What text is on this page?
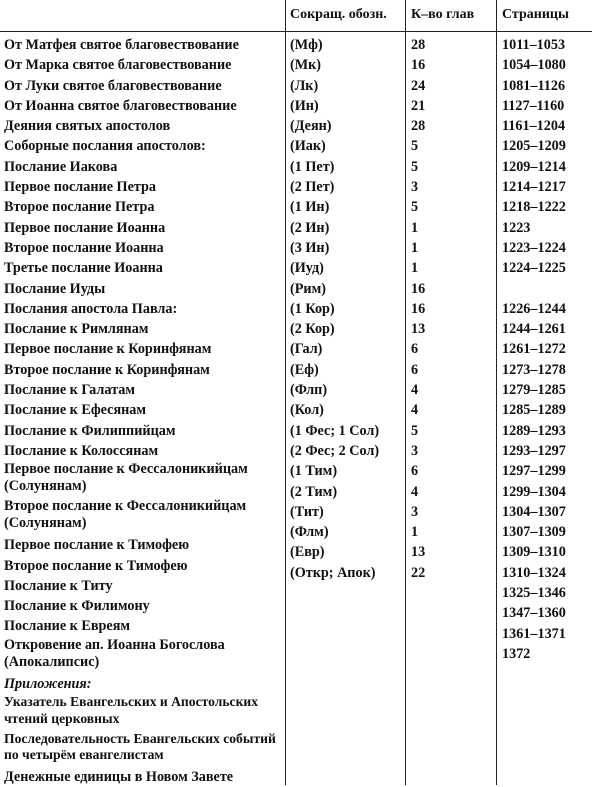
Сокращ. обозн. К–во глав Страницы
От Матфея святое благовествование
От Марка святое благовествование
От Луки святое благовествование
От Иоанна святое благовествование
Деяния святых апостолов
Соборные послания апостолов:
Послание Иакова
Первое послание Петра
Второе послание Петра
Первое послание Иоанна
Второе послание Иоанна
Третье послание Иоанна
Послание Иуды
Послания апостола Павла:
Послание к Римлянам
Первое послание к Коринфянам
Второе послание к Коринфянам
Послание к Галатам
Послание к Ефесянам
Послание к Филиппийцам
Послание к Колоссянам
Первое послание к Фессалоникийцам (Солунянам)
Второе послание к Фессалоникийцам (Солунянам)
Первое послание к Тимофею
Второе послание к Тимофею
Послание к Титу
Послание к Филимону
Послание к Евреям
Откровение ап. Иоанна Богослова (Апокалипсис)
Приложения:
Указатель Евангельских и Апостольских чтений церковных
Последовательность Евангельских событий по четырём евангелистам
Денежные единицы в Новом Завете
(Мф)
(Мк)
(Лк)
(Ин)
(Деян)
(Иак)
(1 Пет)
(2 Пет)
(1 Ин)
(2 Ин)
(3 Ин)
(Иуд)
(Рим)
(1 Кор)
(2 Кор)
(Гал)
(Еф)
(Флп)
(Кол)
(1 Фес; 1 Сол)
(2 Фес; 2 Сол)
(1 Тим)
(2 Тим)
(Тит)
(Флм)
(Евр)
(Откр; Апок)
28
16
24
21
28
5
5
3
5
1
1
1
16
16
13
6
6
4
4
5
3
6
4
3
1
13
22
1011–1053
1054–1080
1081–1126
1127–1160
1161–1204
1205–1209
1209–1214
1214–1217
1218–1222
1223
1223–1224
1224–1225

1226–1244
1244–1261
1261–1272
1273–1278
1279–1285
1285–1289
1289–1293
1293–1297
1297–1299
1299–1304
1304–1307
1307–1309
1309–1310
1310–1324
1325–1346
1347–1360
1361–1371
1372
